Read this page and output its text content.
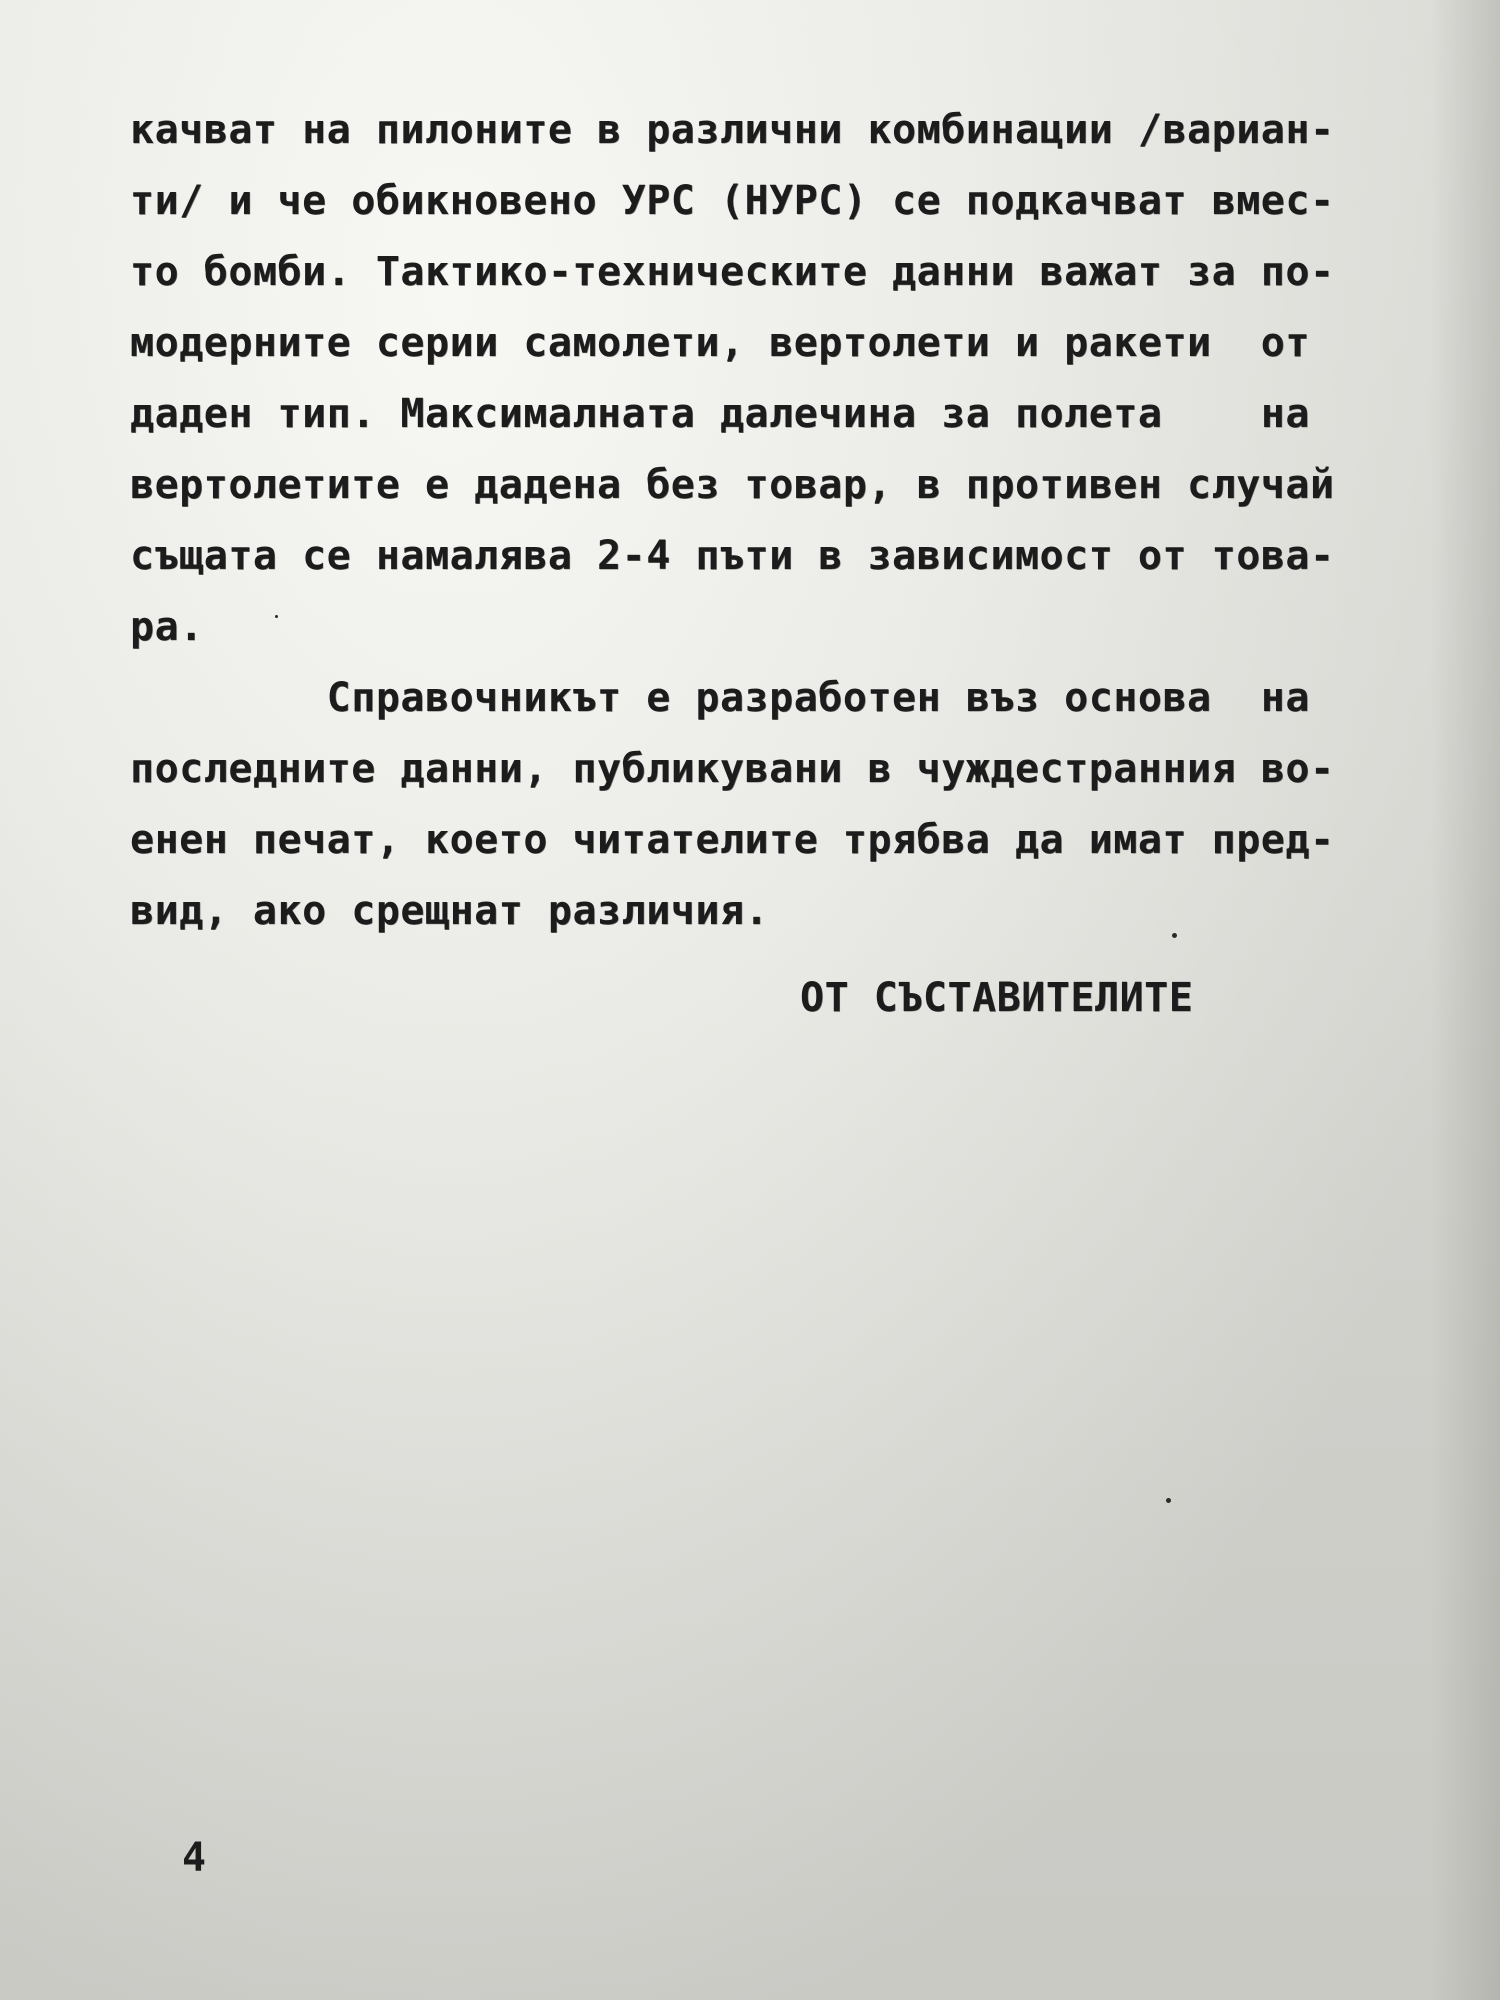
качват на пилоните в различни комбинации /вариан-
ти/ и че обикновено УРС (НУРС) се подкачват вмес-
то бомби. Тактико-техническите данни важат за по-
модерните серии самолети, вертолети и ракети  от
даден тип. Максималната далечина за полета    на
вертолетите е дадена без товар, в противен случай
същата се намалява 2-4 пъти в зависимост от това-
ра.
Справочникът е разработен въз основа  на
последните данни, публикувани в чуждестранния во-
енен печат, което читателите трябва да имат пред-
вид, ако срещнат различия.
ОТ СЪСТАВИТЕЛИТЕ
4
